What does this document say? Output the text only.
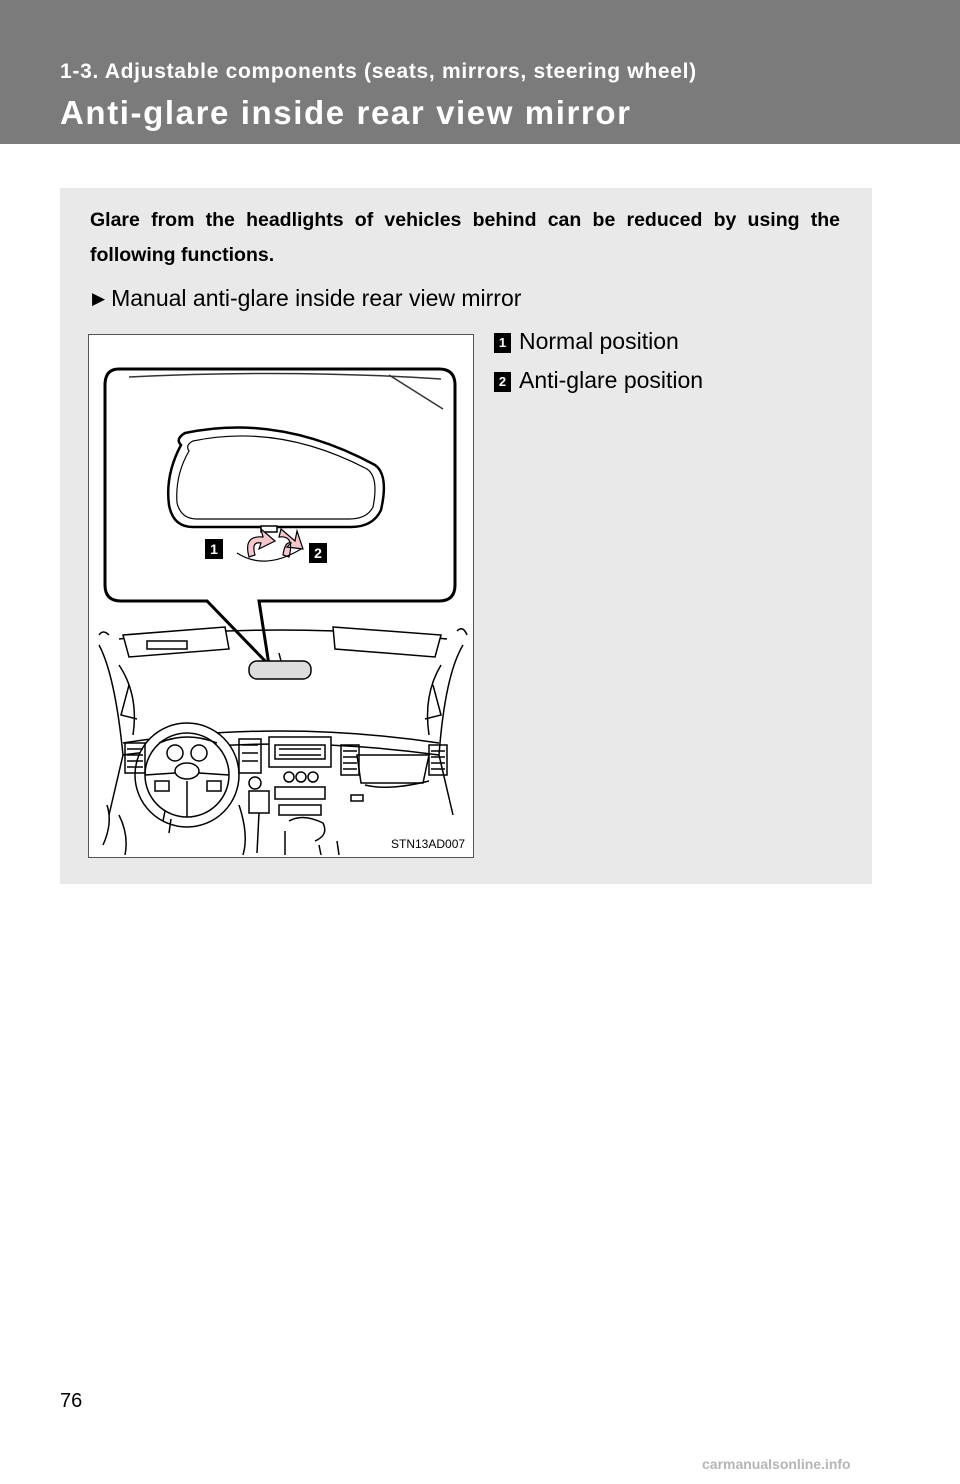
1-3. Adjustable components (seats, mirrors, steering wheel)
Anti-glare inside rear view mirror
Glare from the headlights of vehicles behind can be reduced by using the following functions.
▶ Manual anti-glare inside rear view mirror
1	2
STN13AD007
1 Normal position
2 Anti-glare position
76
carmanualsonline.info
